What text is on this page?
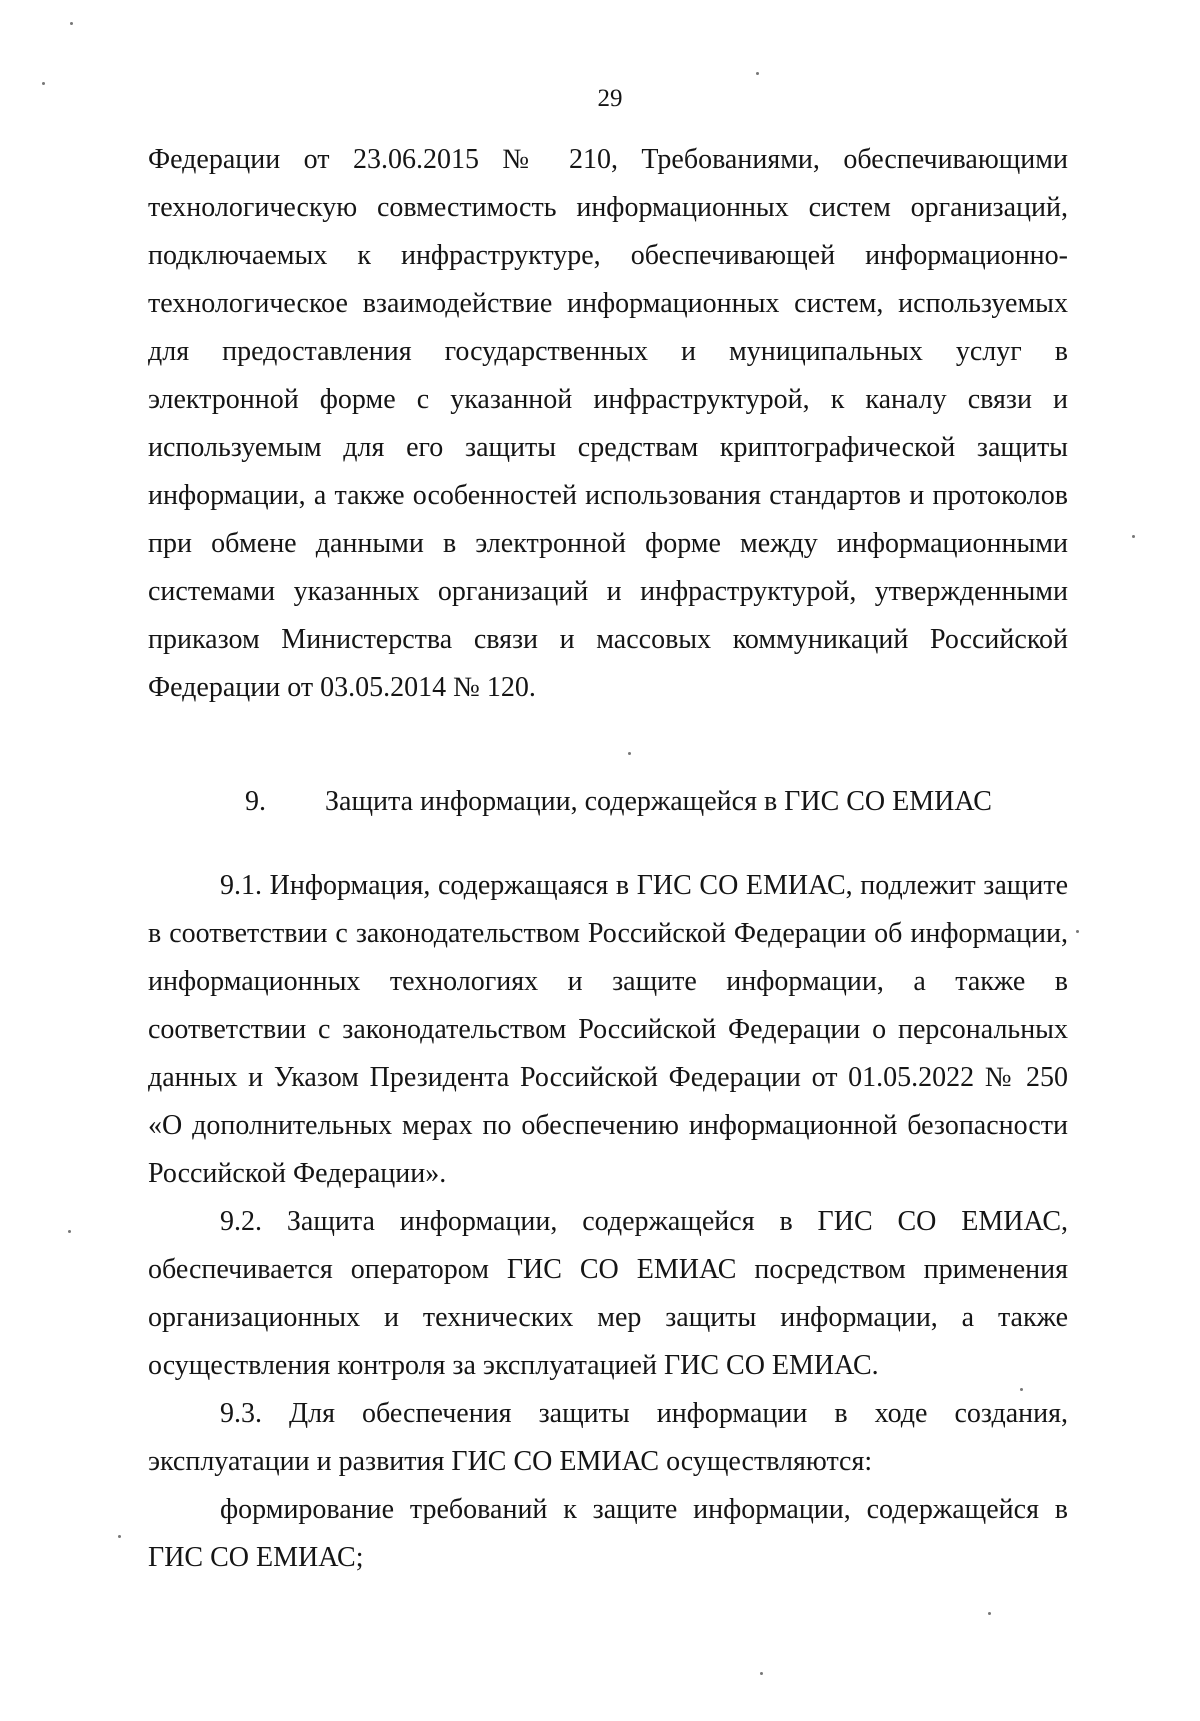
29

Федерации от 23.06.2015 № 210, Требованиями, обеспечивающими технологическую совместимость информационных систем организаций, подключаемых к инфраструктуре, обеспечивающей информационно-технологическое взаимодействие информационных систем, используемых для предоставления государственных и муниципальных услуг в электронной форме с указанной инфраструктурой, к каналу связи и используемым для его защиты средствам криптографической защиты информации, а также особенностей использования стандартов и протоколов при обмене данными в электронной форме между информационными системами указанных организаций и инфраструктурой, утвержденными приказом Министерства связи и массовых коммуникаций Российской Федерации от 03.05.2014 № 120.

9. Защита информации, содержащейся в ГИС СО ЕМИАС

9.1. Информация, содержащаяся в ГИС СО ЕМИАС, подлежит защите в соответствии с законодательством Российской Федерации об информации, информационных технологиях и защите информации, а также в соответствии с законодательством Российской Федерации о персональных данных и Указом Президента Российской Федерации от 01.05.2022 № 250 «О дополнительных мерах по обеспечению информационной безопасности Российской Федерации».

9.2. Защита информации, содержащейся в ГИС СО ЕМИАС, обеспечивается оператором ГИС СО ЕМИАС посредством применения организационных и технических мер защиты информации, а также осуществления контроля за эксплуатацией ГИС СО ЕМИАС.

9.3. Для обеспечения защиты информации в ходе создания, эксплуатации и развития ГИС СО ЕМИАС осуществляются:

формирование требований к защите информации, содержащейся в ГИС СО ЕМИАС;
